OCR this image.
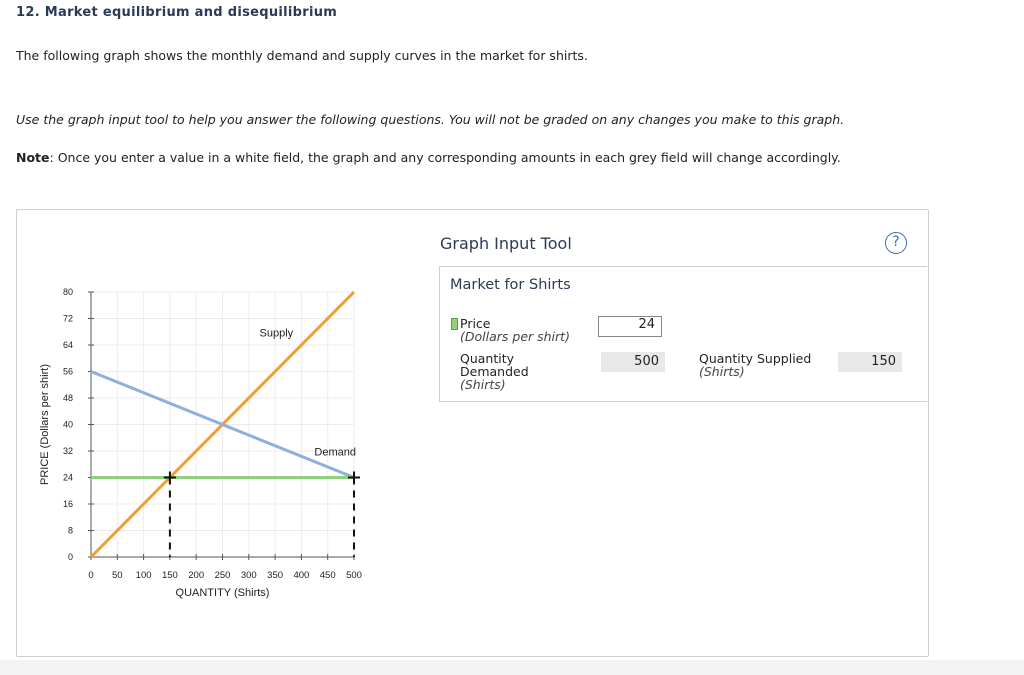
12. Market equilibrium and disequilibrium
The following graph shows the monthly demand and supply curves in the market for shirts.
Use the graph input tool to help you answer the following questions. You will not be graded on any changes you make to this graph.
Note: Once you enter a value in a white field, the graph and any corresponding amounts in each grey field will change accordingly.
0
8
16
24
32
40
48
56
64
72
80
0 50 100 150 200 250 300 350 400 450 500
QUANTITY (Shirts)
PRICE (Dollars per shirt)
Supply
Demand
Graph Input Tool	?
Market for Shirts
Price
(Dollars per shirt)
24
Quantity
Demanded
(Shirts)
500	Quantity Supplied
(Shirts)
150
